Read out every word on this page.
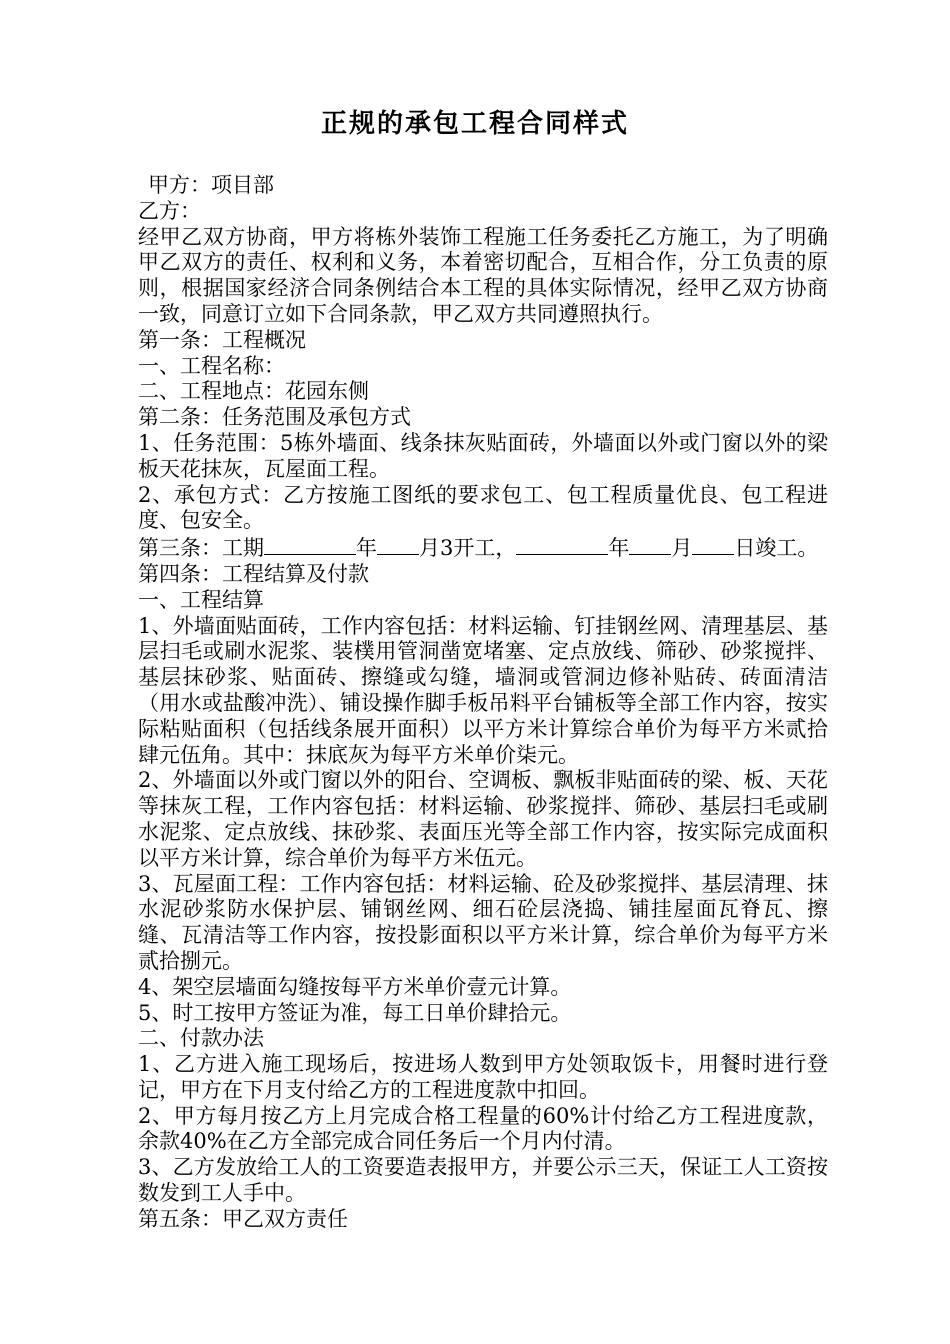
正规的承包工程合同样式

甲方：项目部

乙方：

经甲乙双方协商，甲方将栋外装饰工程施工任务委托乙方施工，为了明确甲乙双方的责任、权利和义务，本着密切配合，互相合作，分工负责的原则，根据国家经济合同条例结合本工程的具体实际情况，经甲乙双方协商一致，同意订立如下合同条款，甲乙双方共同遵照执行。

第一条：工程概况

一、工程名称：

二、工程地点：花园东侧

第二条：任务范围及承包方式

1、任务范围：5栋外墙面、线条抹灰贴面砖，外墙面以外或门窗以外的梁板天花抹灰，瓦屋面工程。

2、承包方式：乙方按施工图纸的要求包工、包工程质量优良、包工程进度、包安全。

第三条：工期	年 月3开工，	年 月 日竣工。

第四条：工程结算及付款

一、工程结算

1、外墙面贴面砖，工作内容包括：材料运输、钉挂钢丝网、清理基层、基层扫毛或刷水泥浆、装樸用管洞凿宽堵塞、定点放线、筛砂、砂浆搅拌、基层抹砂浆、贴面砖、擦缝或勾缝，墙洞或管洞边修补贴砖、砖面清洁（用水或盐酸冲洗）、铺设操作脚手板吊料平台铺板等全部工作内容，按实际粘贴面积（包括线条展开面积）以平方米计算综合单价为每平方米贰拾肆元伍角。其中：抹底灰为每平方米单价柒元。

2、外墙面以外或门窗以外的阳台、空调板、飘板非贴面砖的梁、板、天花等抹灰工程，工作内容包括：材料运输、砂浆搅拌、筛砂、基层扫毛或刷水泥浆、定点放线、抹砂浆、表面压光等全部工作内容，按实际完成面积以平方米计算，综合单价为每平方米伍元。

3、瓦屋面工程：工作内容包括：材料运输、砼及砂浆搅拌、基层清理、抹水泥砂浆防水保护层、铺钢丝网、细石砼层浇捣、铺挂屋面瓦脊瓦、擦缝、瓦清洁等工作内容，按投影面积以平方米计算，综合单价为每平方米贰拾捌元。

4、架空层墙面勾缝按每平方米单价壹元计算。

5、时工按甲方签证为准，每工日单价肆拾元。

二、付款办法

1、乙方进入施工现场后，按进场人数到甲方处领取饭卡，用餐时进行登记，甲方在下月支付给乙方的工程进度款中扣回。

2、甲方每月按乙方上月完成合格工程量的60%计付给乙方工程进度款，余款40%在乙方全部完成合同任务后一个月内付清。

3、乙方发放给工人的工资要造表报甲方，并要公示三天，保证工人工资按数发到工人手中。

第五条：甲乙双方责任
